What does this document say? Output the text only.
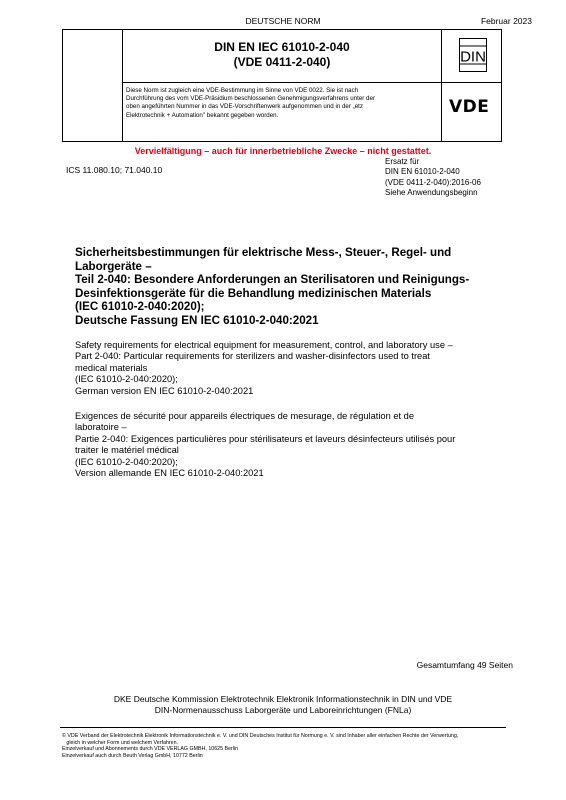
DEUTSCHE NORM	Februar 2023
DIN EN IEC 61010-2-040
(VDE 0411-2-040)	DIN
Diese Norm ist zugleich eine VDE-Bestimmung im Sinne von VDE 0022. Sie ist nach
Durchführung des vom VDE-Präsidium beschlossenen Genehmigungsverfahrens unter der
oben angeführten Nummer in das VDE-Vorschriftenwerk aufgenommen und in der „etz
Elektrotechnik + Automation" bekannt gegeben worden.	VDE
Vervielfältigung – auch für innerbetriebliche Zwecke – nicht gestattet.
ICS 11.080.10; 71.040.10
Ersatz für
DIN EN 61010-2-040
(VDE 0411-2-040):2016-06
Siehe Anwendungsbeginn
Sicherheitsbestimmungen für elektrische Mess-, Steuer-, Regel- und
Laborgeräte –
Teil 2-040: Besondere Anforderungen an Sterilisatoren und Reinigungs-
Desinfektionsgeräte für die Behandlung medizinischen Materials
(IEC 61010-2-040:2020);
Deutsche Fassung EN IEC 61010-2-040:2021
Safety requirements for electrical equipment for measurement, control, and laboratory use –
Part 2-040: Particular requirements for sterilizers and washer-disinfectors used to treat
medical materials
(IEC 61010-2-040:2020);
German version EN IEC 61010-2-040:2021
Exigences de sécurité pour appareils électriques de mesurage, de régulation et de
laboratoire –
Partie 2-040: Exigences particulières pour stérilisateurs et laveurs désinfecteurs utilisés pour
traiter le matériel médical
(IEC 61010-2-040:2020);
Version allemande EN IEC 61010-2-040:2021
Gesamtumfang 49 Seiten
DKE Deutsche Kommission Elektrotechnik Elektronik Informationstechnik in DIN und VDE
DIN-Normenausschuss Laborgeräte und Laboreinrichtungen (FNLa)
© VDE Verband der Elektrotechnik Elektronik Informationstechnik e. V. und DIN Deutsches Institut für Normung e. V. sind Inhaber aller einfachen Rechte der Verwertung,
gleich in welcher Form und welchem Verfahren.
Einzelverkauf und Abonnements durch VDE VERLAG GMBH, 10625 Berlin
Einzelverkauf auch durch Beuth Verlag GmbH, 10772 Berlin
